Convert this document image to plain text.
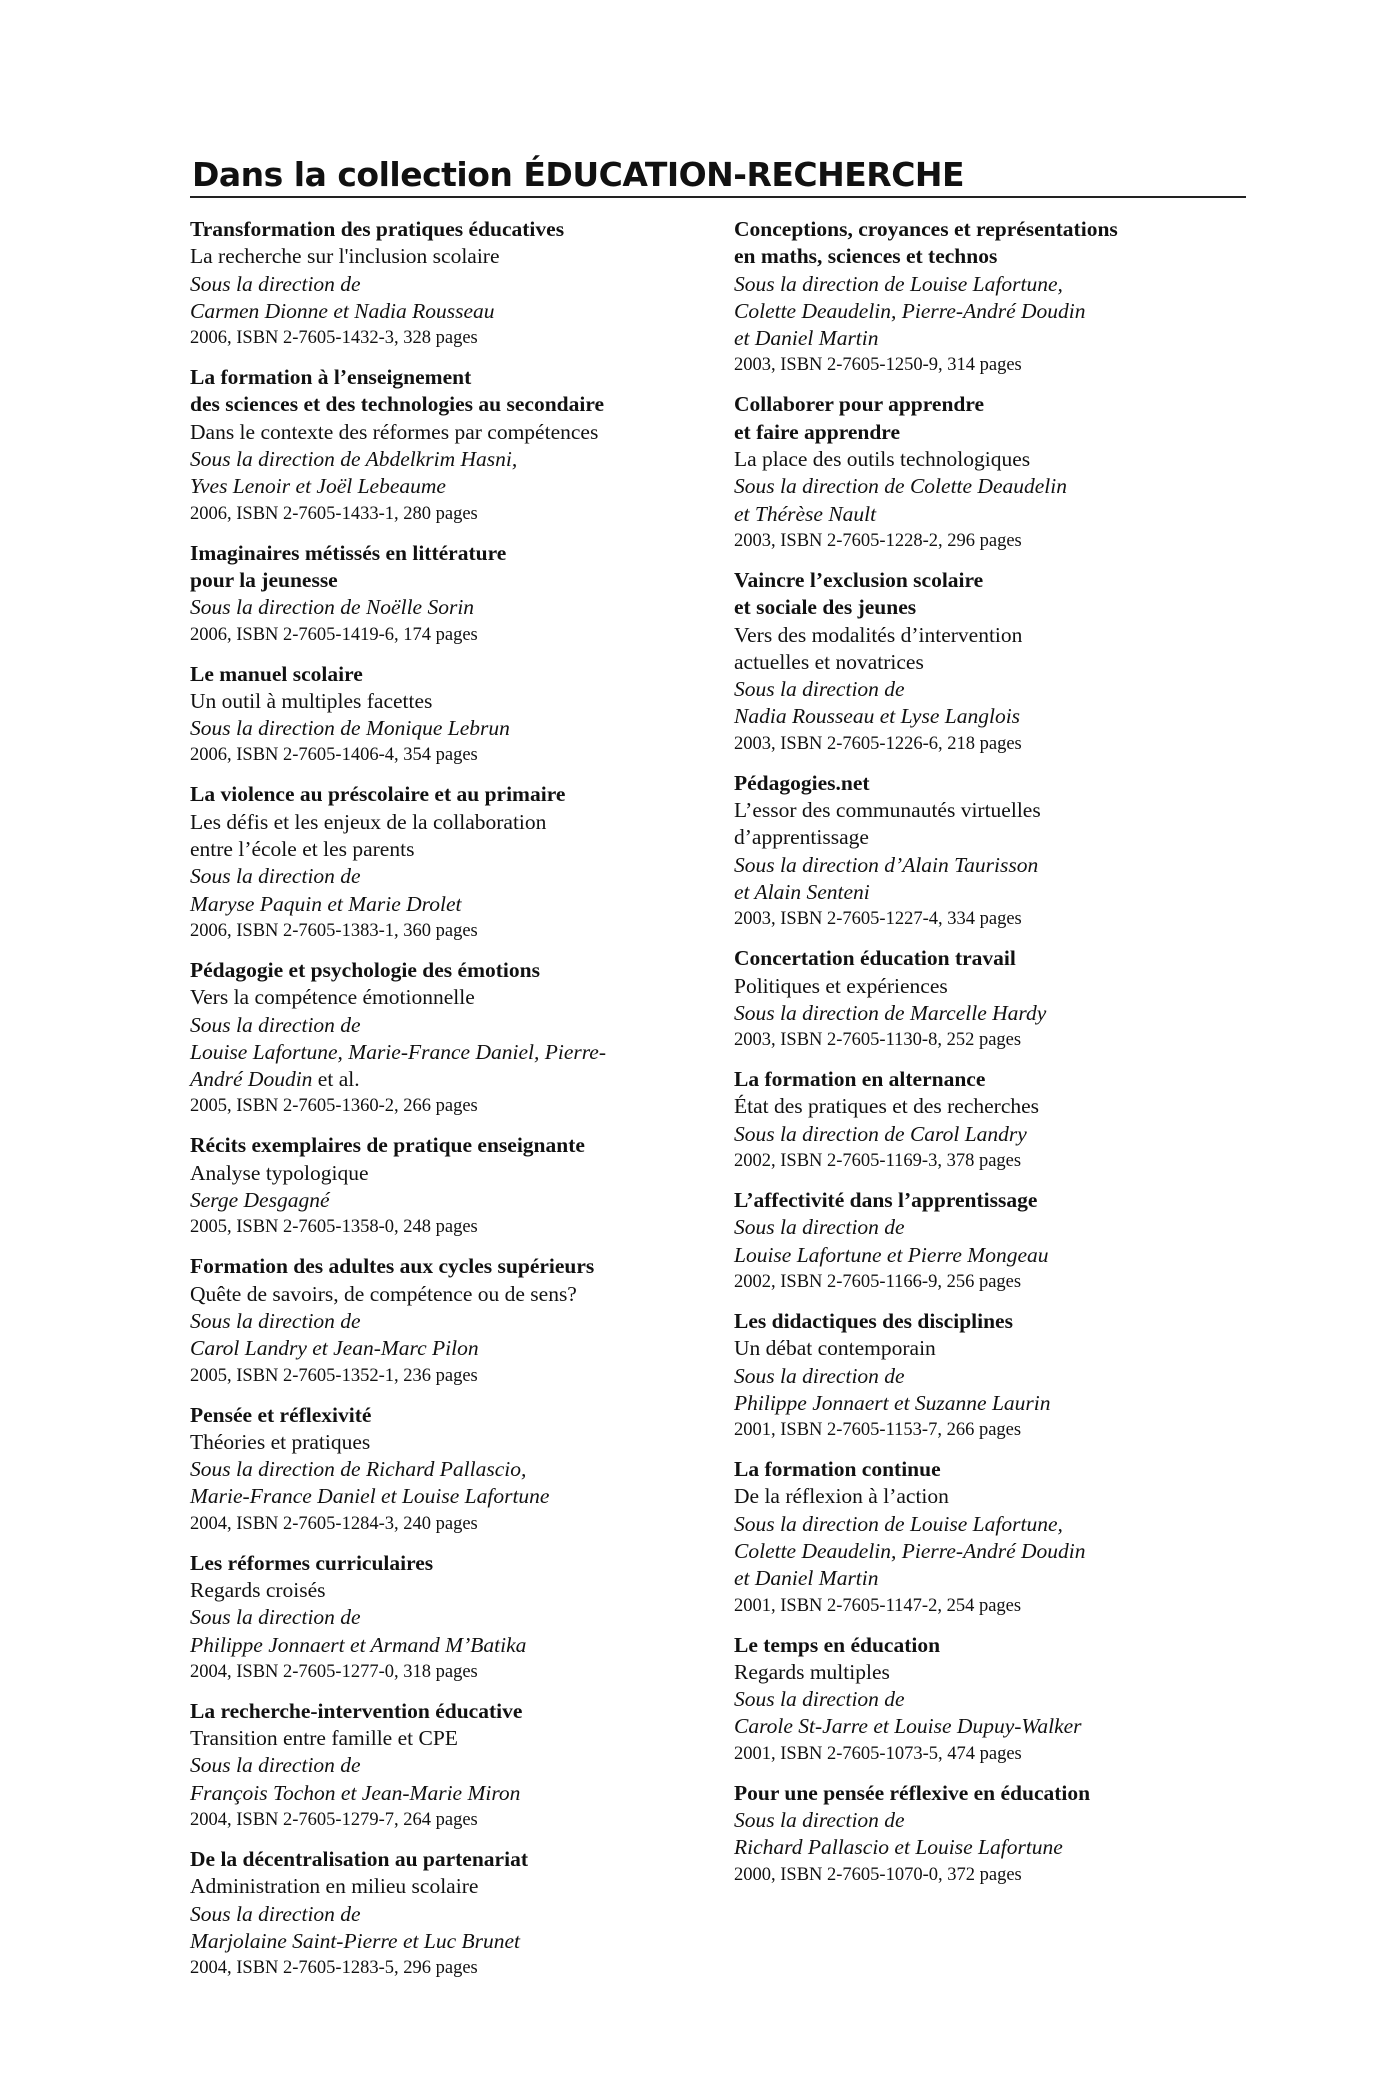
Dans la collection ÉDUCATION-RECHERCHE
Transformation des pratiques éducatives
La recherche sur l'inclusion scolaire
Sous la direction de
Carmen Dionne et Nadia Rousseau
2006, ISBN 2-7605-1432-3, 328 pages
La formation à l’enseignement
des sciences et des technologies au secondaire
Dans le contexte des réformes par compétences
Sous la direction de Abdelkrim Hasni,
Yves Lenoir et Joël Lebeaume
2006, ISBN 2-7605-1433-1, 280 pages
Imaginaires métissés en littérature
pour la jeunesse
Sous la direction de Noëlle Sorin
2006, ISBN 2-7605-1419-6, 174 pages
Le manuel scolaire
Un outil à multiples facettes
Sous la direction de Monique Lebrun
2006, ISBN 2-7605-1406-4, 354 pages
La violence au préscolaire et au primaire
Les défis et les enjeux de la collaboration
entre l’école et les parents
Sous la direction de
Maryse Paquin et Marie Drolet
2006, ISBN 2-7605-1383-1, 360 pages
Pédagogie et psychologie des émotions
Vers la compétence émotionnelle
Sous la direction de
Louise Lafortune, Marie-France Daniel, Pierre-
André Doudin et al.
2005, ISBN 2-7605-1360-2, 266 pages
Récits exemplaires de pratique enseignante
Analyse typologique
Serge Desgagné
2005, ISBN 2-7605-1358-0, 248 pages
Formation des adultes aux cycles supérieurs
Quête de savoirs, de compétence ou de sens?
Sous la direction de
Carol Landry et Jean-Marc Pilon
2005, ISBN 2-7605-1352-1, 236 pages
Pensée et réflexivité
Théories et pratiques
Sous la direction de Richard Pallascio,
Marie-France Daniel et Louise Lafortune
2004, ISBN 2-7605-1284-3, 240 pages
Les réformes curriculaires
Regards croisés
Sous la direction de
Philippe Jonnaert et Armand M’Batika
2004, ISBN 2-7605-1277-0, 318 pages
La recherche-intervention éducative
Transition entre famille et CPE
Sous la direction de
François Tochon et Jean-Marie Miron
2004, ISBN 2-7605-1279-7, 264 pages
De la décentralisation au partenariat
Administration en milieu scolaire
Sous la direction de
Marjolaine Saint-Pierre et Luc Brunet
2004, ISBN 2-7605-1283-5, 296 pages
Conceptions, croyances et représentations
en maths, sciences et technos
Sous la direction de Louise Lafortune,
Colette Deaudelin, Pierre-André Doudin
et Daniel Martin
2003, ISBN 2-7605-1250-9, 314 pages
Collaborer pour apprendre
et faire apprendre
La place des outils technologiques
Sous la direction de Colette Deaudelin
et Thérèse Nault
2003, ISBN 2-7605-1228-2, 296 pages
Vaincre l’exclusion scolaire
et sociale des jeunes
Vers des modalités d’intervention
actuelles et novatrices
Sous la direction de
Nadia Rousseau et Lyse Langlois
2003, ISBN 2-7605-1226-6, 218 pages
Pédagogies.net
L’essor des communautés virtuelles
d’apprentissage
Sous la direction d’Alain Taurisson
et Alain Senteni
2003, ISBN 2-7605-1227-4, 334 pages
Concertation éducation travail
Politiques et expériences
Sous la direction de Marcelle Hardy
2003, ISBN 2-7605-1130-8, 252 pages
La formation en alternance
État des pratiques et des recherches
Sous la direction de Carol Landry
2002, ISBN 2-7605-1169-3, 378 pages
L’affectivité dans l’apprentissage
Sous la direction de
Louise Lafortune et Pierre Mongeau
2002, ISBN 2-7605-1166-9, 256 pages
Les didactiques des disciplines
Un débat contemporain
Sous la direction de
Philippe Jonnaert et Suzanne Laurin
2001, ISBN 2-7605-1153-7, 266 pages
La formation continue
De la réflexion à l’action
Sous la direction de Louise Lafortune,
Colette Deaudelin, Pierre-André Doudin
et Daniel Martin
2001, ISBN 2-7605-1147-2, 254 pages
Le temps en éducation
Regards multiples
Sous la direction de
Carole St-Jarre et Louise Dupuy-Walker
2001, ISBN 2-7605-1073-5, 474 pages
Pour une pensée réflexive en éducation
Sous la direction de
Richard Pallascio et Louise Lafortune
2000, ISBN 2-7605-1070-0, 372 pages
